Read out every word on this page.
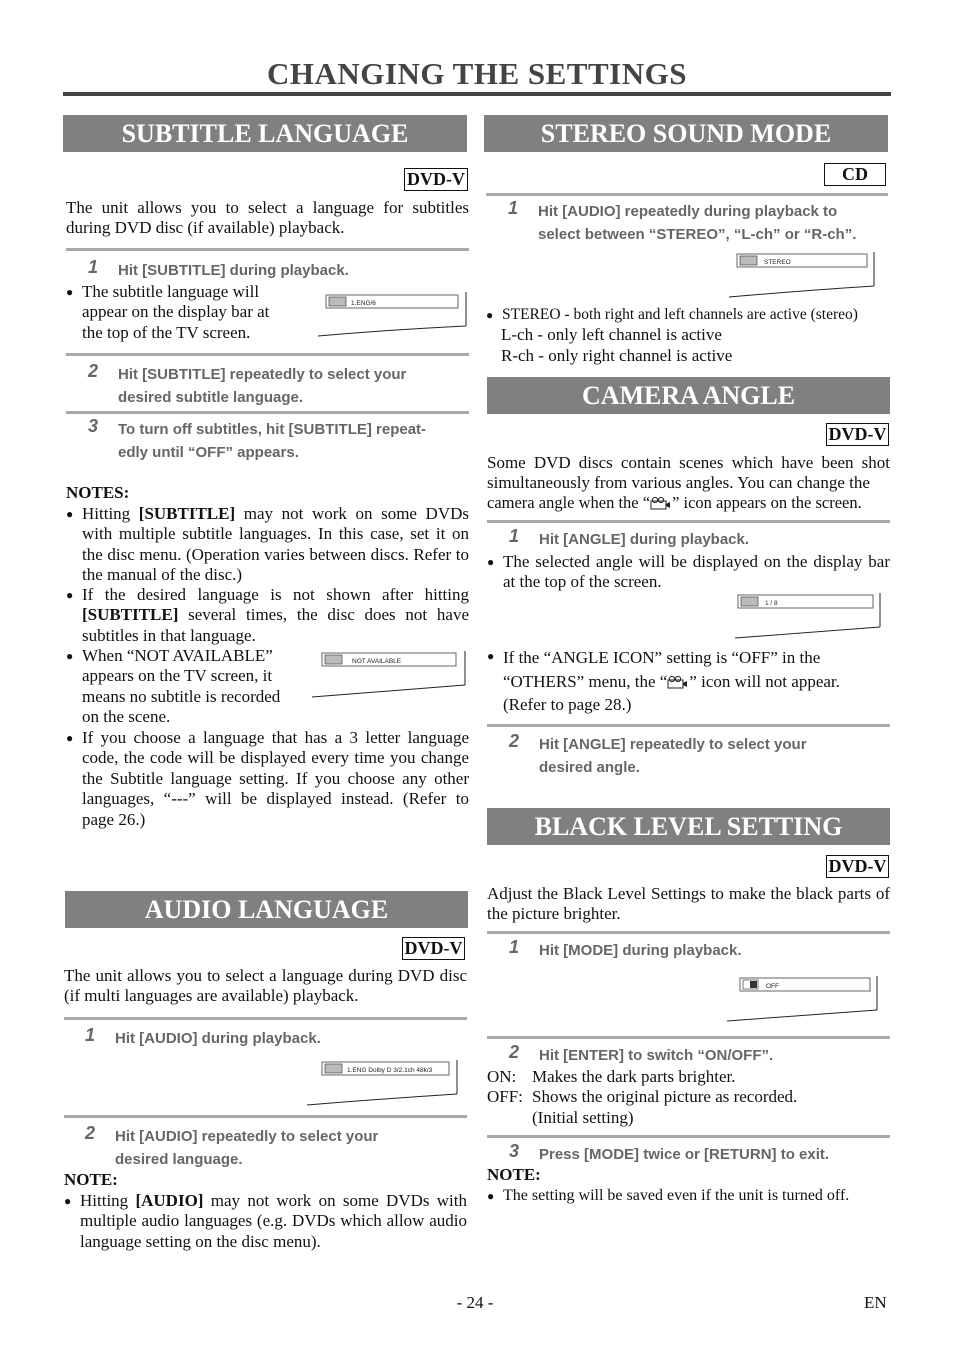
CHANGING THE SETTINGS
SUBTITLE LANGUAGE
DVD-V
The unit allows you to select a language for subtitles during DVD disc (if available) playback.
1 Hit [SUBTITLE] during playback.
● The subtitle language will
appear on the display bar at
the top of the TV screen.
1.ENG/6
2 Hit [SUBTITLE] repeatedly to select your
desired subtitle language.
3 To turn off subtitles, hit [SUBTITLE] repeat-
edly until “OFF” appears.
NOTES:
● Hitting [SUBTITLE] may not work on some DVDs with multiple subtitle languages. In this case, set it on the disc menu. (Operation varies between discs. Refer to the manual of the disc.)
● If the desired language is not shown after hitting [SUBTITLE] several times, the disc does not have subtitles in that language.
● When “NOT AVAILABLE”
appears on the TV screen, it
means no subtitle is recorded
on the scene.
NOT AVAILABLE
● If you choose a language that has a 3 letter language code, the code will be displayed every time you change the Subtitle language setting. If you choose any other languages, “---” will be displayed instead. (Refer to page 26.)
AUDIO LANGUAGE
DVD-V
The unit allows you to select a language during DVD disc (if multi languages are available) playback.
1 Hit [AUDIO] during playback.
1.ENG Dolby D 3/2.1ch 48k/3
2 Hit [AUDIO] repeatedly to select your
desired language.
NOTE:
● Hitting [AUDIO] may not work on some DVDs with multiple audio languages (e.g. DVDs which allow audio language setting on the disc menu).
STEREO SOUND MODE
CD
1 Hit [AUDIO] repeatedly during playback to
select between “STEREO”, “L-ch” or “R-ch”.
STEREO
● STEREO - both right and left channels are active (stereo)
L-ch - only left channel is active
R-ch - only right channel is active
CAMERA ANGLE
DVD-V
Some DVD discs contain scenes which have been shot simultaneously from various angles. You can change the
camera angle when the “ ” icon appears on the screen.
1 Hit [ANGLE] during playback.
● The selected angle will be displayed on the display bar at the top of the screen.
1 / 8
● If the “ANGLE ICON” setting is “OFF” in the
“OTHERS” menu, the “ ” icon will not appear.
(Refer to page 28.)
2 Hit [ANGLE] repeatedly to select your
desired angle.
BLACK LEVEL SETTING
DVD-V
Adjust the Black Level Settings to make the black parts of the picture brighter.
1 Hit [MODE] during playback.
OFF
2 Hit [ENTER] to switch “ON/OFF”.
ON: Makes the dark parts brighter.
OFF: Shows the original picture as recorded.
(Initial setting)
3 Press [MODE] twice or [RETURN] to exit.
NOTE:
● The setting will be saved even if the unit is turned off.
- 24 -	EN
